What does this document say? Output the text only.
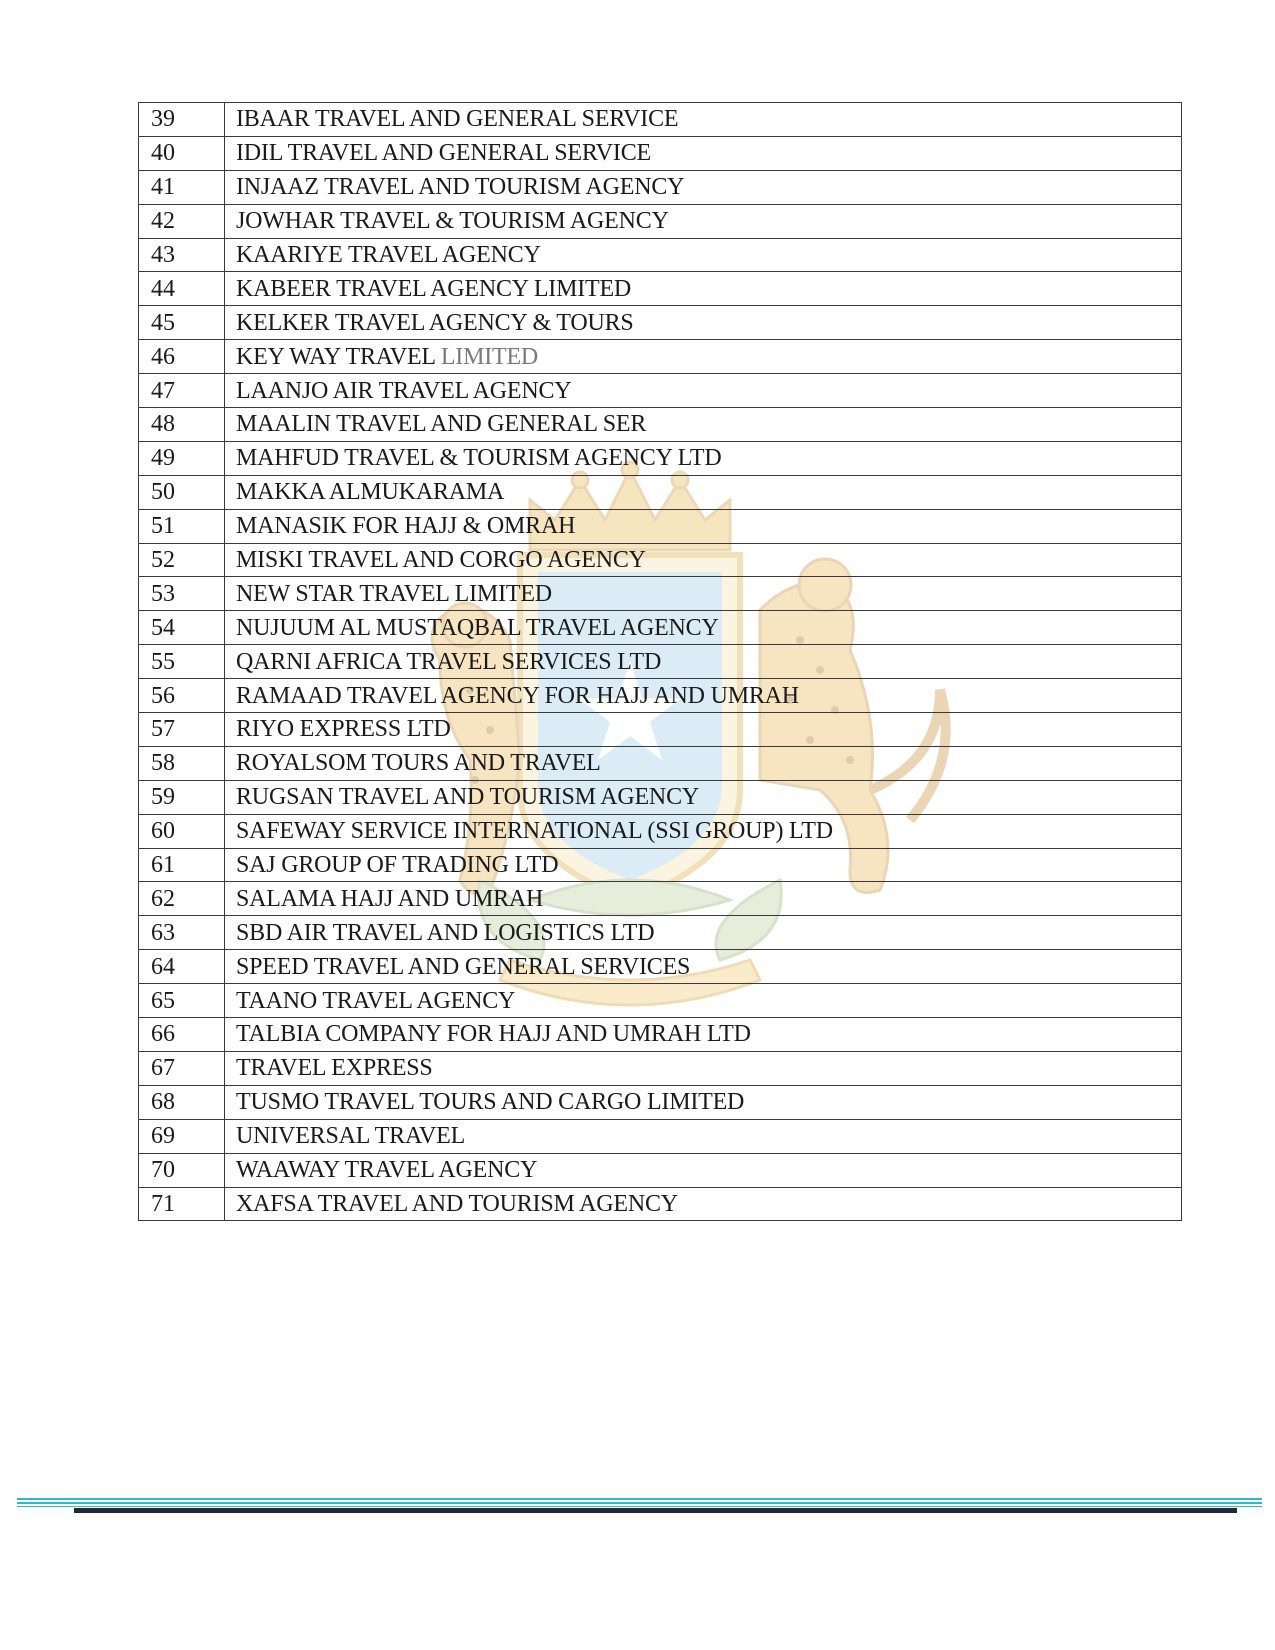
39	IBAAR TRAVEL AND GENERAL SERVICE
40	IDIL TRAVEL AND GENERAL SERVICE
41	INJAAZ TRAVEL AND TOURISM AGENCY
42	JOWHAR TRAVEL & TOURISM AGENCY
43	KAARIYE TRAVEL AGENCY
44	KABEER TRAVEL AGENCY LIMITED
45	KELKER TRAVEL AGENCY & TOURS
46	KEY WAY TRAVEL LIMITED
47	LAANJO AIR TRAVEL AGENCY
48	MAALIN TRAVEL AND GENERAL SER
49	MAHFUD TRAVEL & TOURISM AGENCY LTD
50	MAKKA ALMUKARAMA
51	MANASIK FOR HAJJ & OMRAH
52	MISKI TRAVEL AND CORGO AGENCY
53	NEW STAR TRAVEL LIMITED
54	NUJUUM AL MUSTAQBAL TRAVEL AGENCY
55	QARNI AFRICA TRAVEL SERVICES LTD
56	RAMAAD TRAVEL AGENCY FOR HAJJ AND UMRAH
57	RIYO EXPRESS LTD
58	ROYALSOM TOURS AND TRAVEL
59	RUGSAN TRAVEL AND TOURISM AGENCY
60	SAFEWAY SERVICE INTERNATIONAL (SSI GROUP) LTD
61	SAJ GROUP OF TRADING LTD
62	SALAMA HAJJ AND UMRAH
63	SBD AIR TRAVEL AND LOGISTICS LTD
64	SPEED TRAVEL AND GENERAL SERVICES
65	TAANO TRAVEL AGENCY
66	TALBIA COMPANY FOR HAJJ AND UMRAH LTD
67	TRAVEL EXPRESS
68	TUSMO TRAVEL TOURS AND CARGO LIMITED
69	UNIVERSAL TRAVEL
70	WAAWAY TRAVEL AGENCY
71	XAFSA TRAVEL AND TOURISM AGENCY
